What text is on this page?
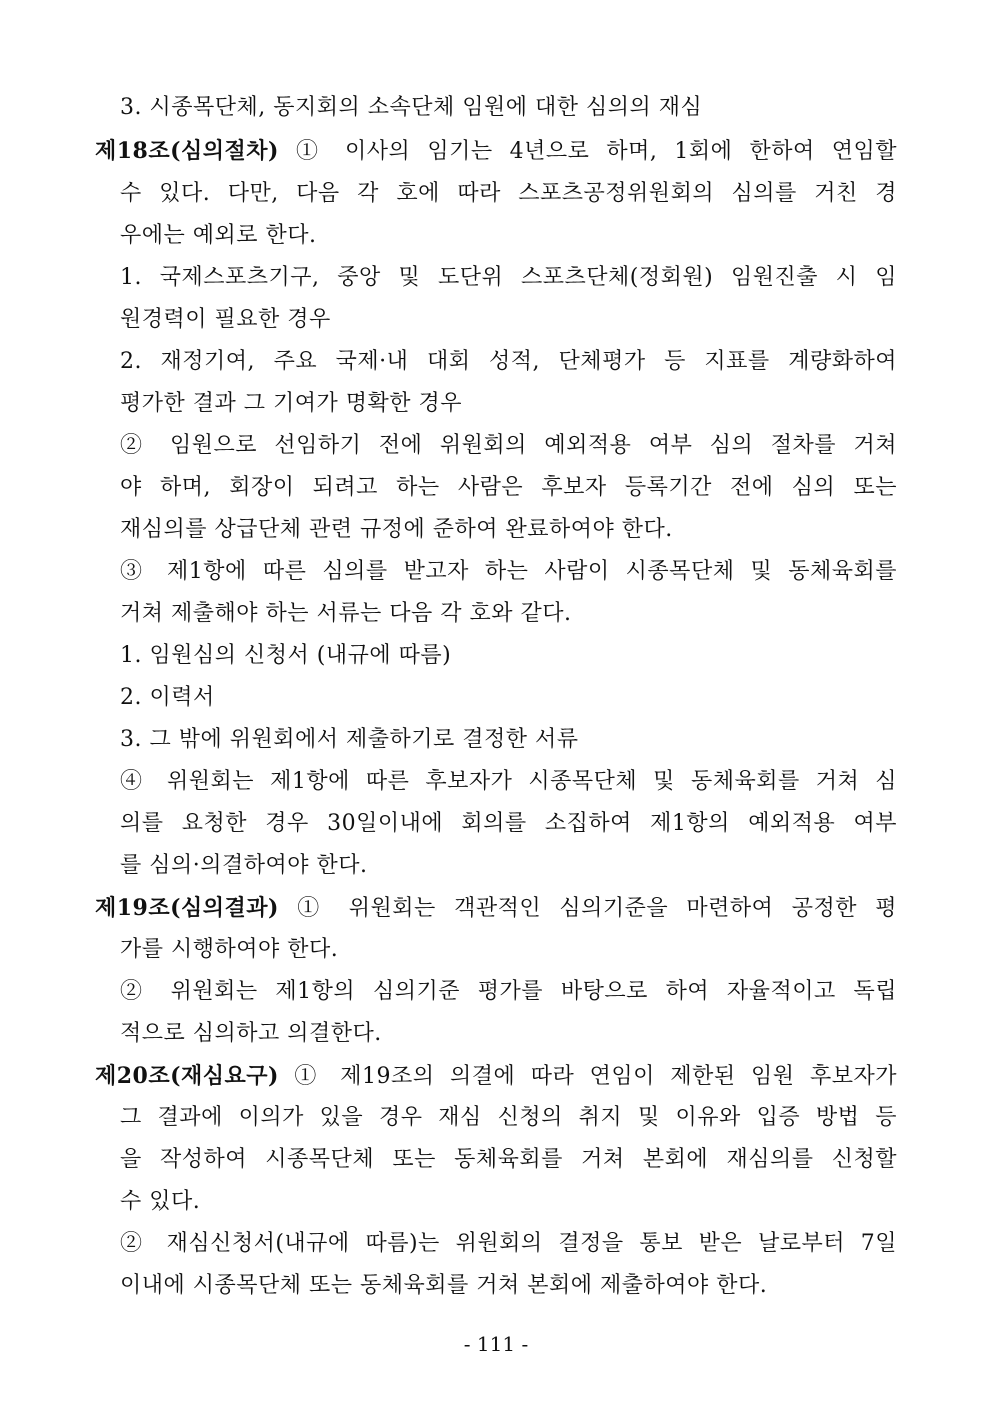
3. 시종목단체, 동지회의 소속단체 임원에 대한 심의의 재심
제18조(심의절차) ① 이사의 임기는 4년으로 하며, 1회에 한하여 연임할
수 있다. 다만, 다음 각 호에 따라 스포츠공정위원회의 심의를 거친 경
우에는 예외로 한다.
1. 국제스포츠기구, 중앙 및 도단위 스포츠단체(정회원) 임원진출 시 임
원경력이 필요한 경우
2. 재정기여, 주요 국제·내 대회 성적, 단체평가 등 지표를 계량화하여
평가한 결과 그 기여가 명확한 경우
② 임원으로 선임하기 전에 위원회의 예외적용 여부 심의 절차를 거쳐
야 하며, 회장이 되려고 하는 사람은 후보자 등록기간 전에 심의 또는
재심의를 상급단체 관련 규정에 준하여 완료하여야 한다.
③ 제1항에 따른 심의를 받고자 하는 사람이 시종목단체 및 동체육회를
거쳐 제출해야 하는 서류는 다음 각 호와 같다.
1. 임원심의 신청서 (내규에 따름)
2. 이력서
3. 그 밖에 위원회에서 제출하기로 결정한 서류
④ 위원회는 제1항에 따른 후보자가 시종목단체 및 동체육회를 거쳐 심
의를 요청한 경우 30일이내에 회의를 소집하여 제1항의 예외적용 여부
를 심의·의결하여야 한다.
제19조(심의결과) ① 위원회는 객관적인 심의기준을 마련하여 공정한 평
가를 시행하여야 한다.
② 위원회는 제1항의 심의기준 평가를 바탕으로 하여 자율적이고 독립
적으로 심의하고 의결한다.
제20조(재심요구) ① 제19조의 의결에 따라 연임이 제한된 임원 후보자가
그 결과에 이의가 있을 경우 재심 신청의 취지 및 이유와 입증 방법 등
을 작성하여 시종목단체 또는 동체육회를 거쳐 본회에 재심의를 신청할
수 있다.
② 재심신청서(내규에 따름)는 위원회의 결정을 통보 받은 날로부터 7일
이내에 시종목단체 또는 동체육회를 거쳐 본회에 제출하여야 한다.
- 111 -
